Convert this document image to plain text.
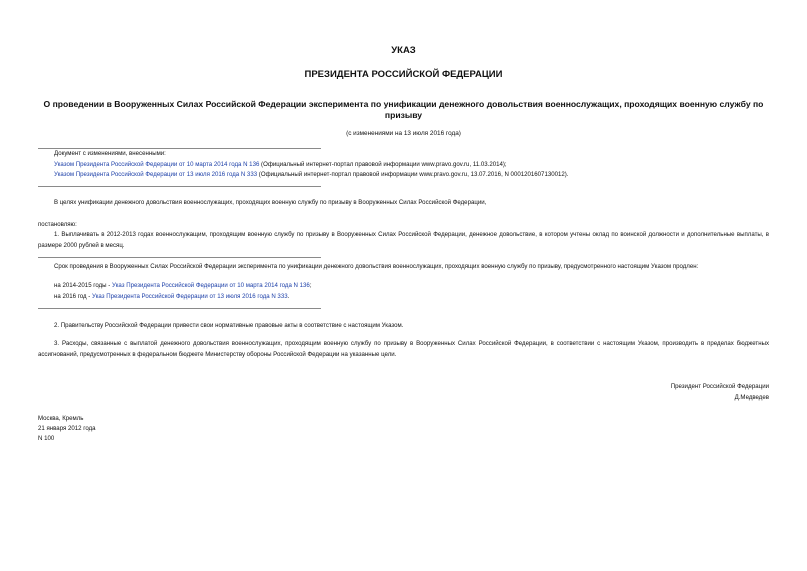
УКАЗ
ПРЕЗИДЕНТА РОССИЙСКОЙ ФЕДЕРАЦИИ
О проведении в Вооруженных Силах Российской Федерации эксперимента по унификации денежного довольствия военнослужащих, проходящих военную службу по призыву
(с изменениями на 13 июля 2016 года)
Документ с изменениями, внесенными:
Указом Президента Российской Федерации от 10 марта 2014 года N 136 (Официальный интернет-портал правовой информации www.pravo.gov.ru, 11.03.2014);
Указом Президента Российской Федерации от 13 июля 2016 года N 333 (Официальный интернет-портал правовой информации www.pravo.gov.ru, 13.07.2016, N 0001201607130012).
В целях унификации денежного довольствия военнослужащих, проходящих военную службу по призыву в Вооруженных Силах Российской Федерации,
постановляю:
1. Выплачивать в 2012-2013 годах военнослужащим, проходящим военную службу по призыву в Вооруженных Силах Российской Федерации, денежное довольствие, в котором учтены оклад по воинской должности и дополнительные выплаты, в размере 2000 рублей в месяц.
Срок проведения в Вооруженных Силах Российской Федерации эксперимента по унификации денежного довольствия военнослужащих, проходящих военную службу по призыву, предусмотренного настоящим Указом продлен:
на 2014-2015 годы - Указ Президента Российской Федерации от 10 марта 2014 года N 136;
на 2016 год - Указ Президента Российской Федерации от 13 июля 2016 года N 333.
2. Правительству Российской Федерации привести свои нормативные правовые акты в соответствие с настоящим Указом.
3. Расходы, связанные с выплатой денежного довольствия военнослужащих, проходящим военную службу по призыву в Вооруженных Силах Российской Федерации, в соответствии с настоящим Указом, производить в пределах бюджетных ассигнований, предусмотренных в федеральном бюджете Министерству обороны Российской Федерации на указанные цели.
Президент Российской Федерации
Д.Медведев
Москва, Кремль
21 января 2012 года
N 100
